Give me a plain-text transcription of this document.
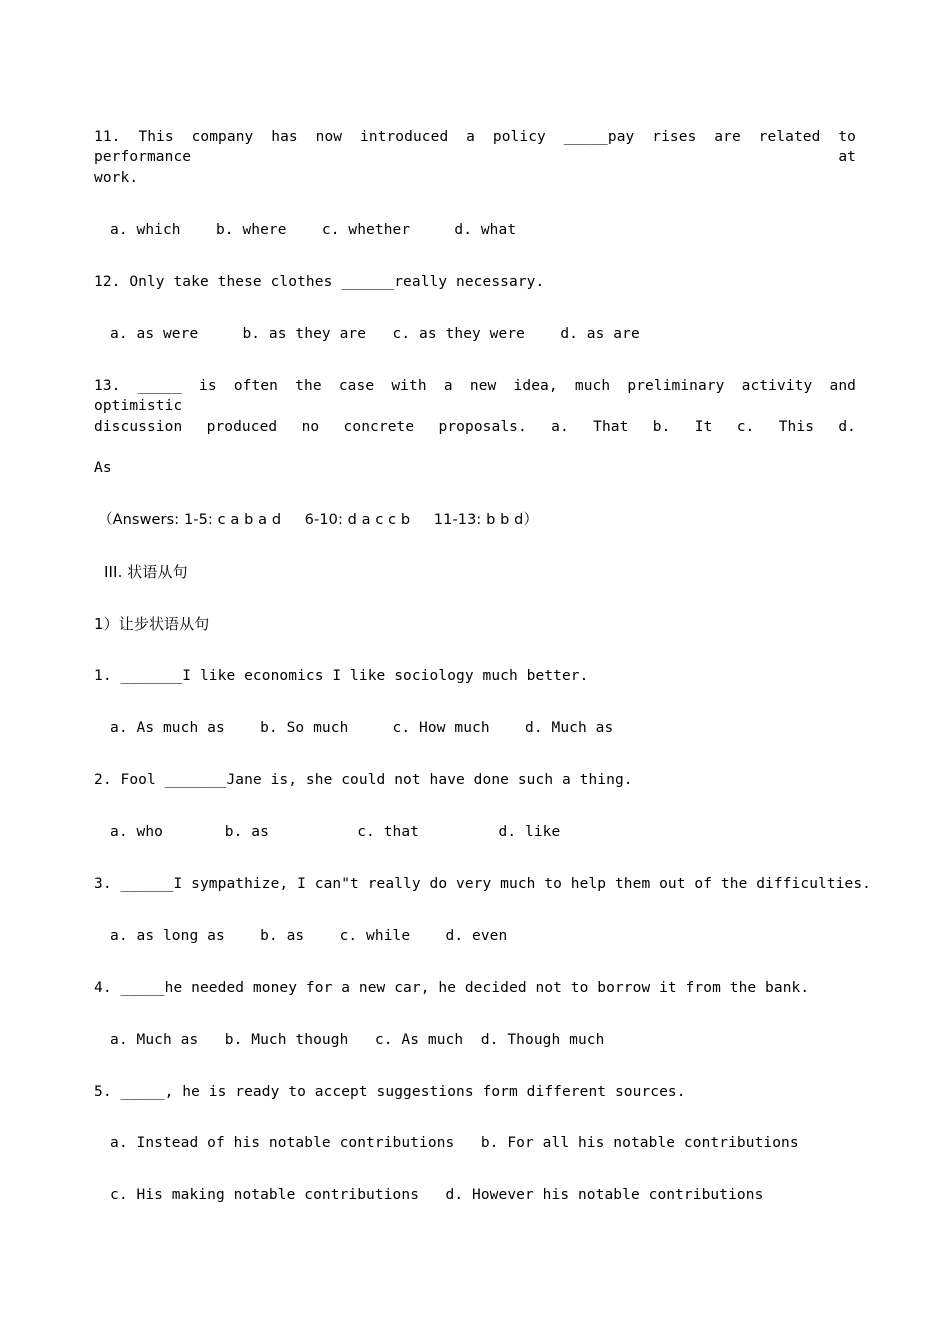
11. This company has now introduced a policy _____pay rises are related to performance at
work.
a. which    b. where    c. whether     d. what
12. Only take these clothes ______really necessary.
a. as were     b. as they are   c. as they were    d. as are
13. _____ is often the case with a new idea, much preliminary activity and optimistic
discussion produced no concrete proposals. a. That b. It c. This d.
As
（Answers: 1-5: c a b a d     6-10: d a c c b     11-13: b b d）
III. 状语从句
1）让步状语从句
1. _______I like economics I like sociology much better.
a. As much as    b. So much     c. How much    d. Much as
2. Fool _______Jane is, she could not have done such a thing.
a. who       b. as          c. that         d. like
3. ______I sympathize, I can"t really do very much to help them out of the difficulties.
a. as long as    b. as    c. while    d. even
4. _____he needed money for a new car, he decided not to borrow it from the bank.
a. Much as   b. Much though   c. As much  d. Though much
5. _____, he is ready to accept suggestions form different sources.
a. Instead of his notable contributions   b. For all his notable contributions
c. His making notable contributions   d. However his notable contributions
